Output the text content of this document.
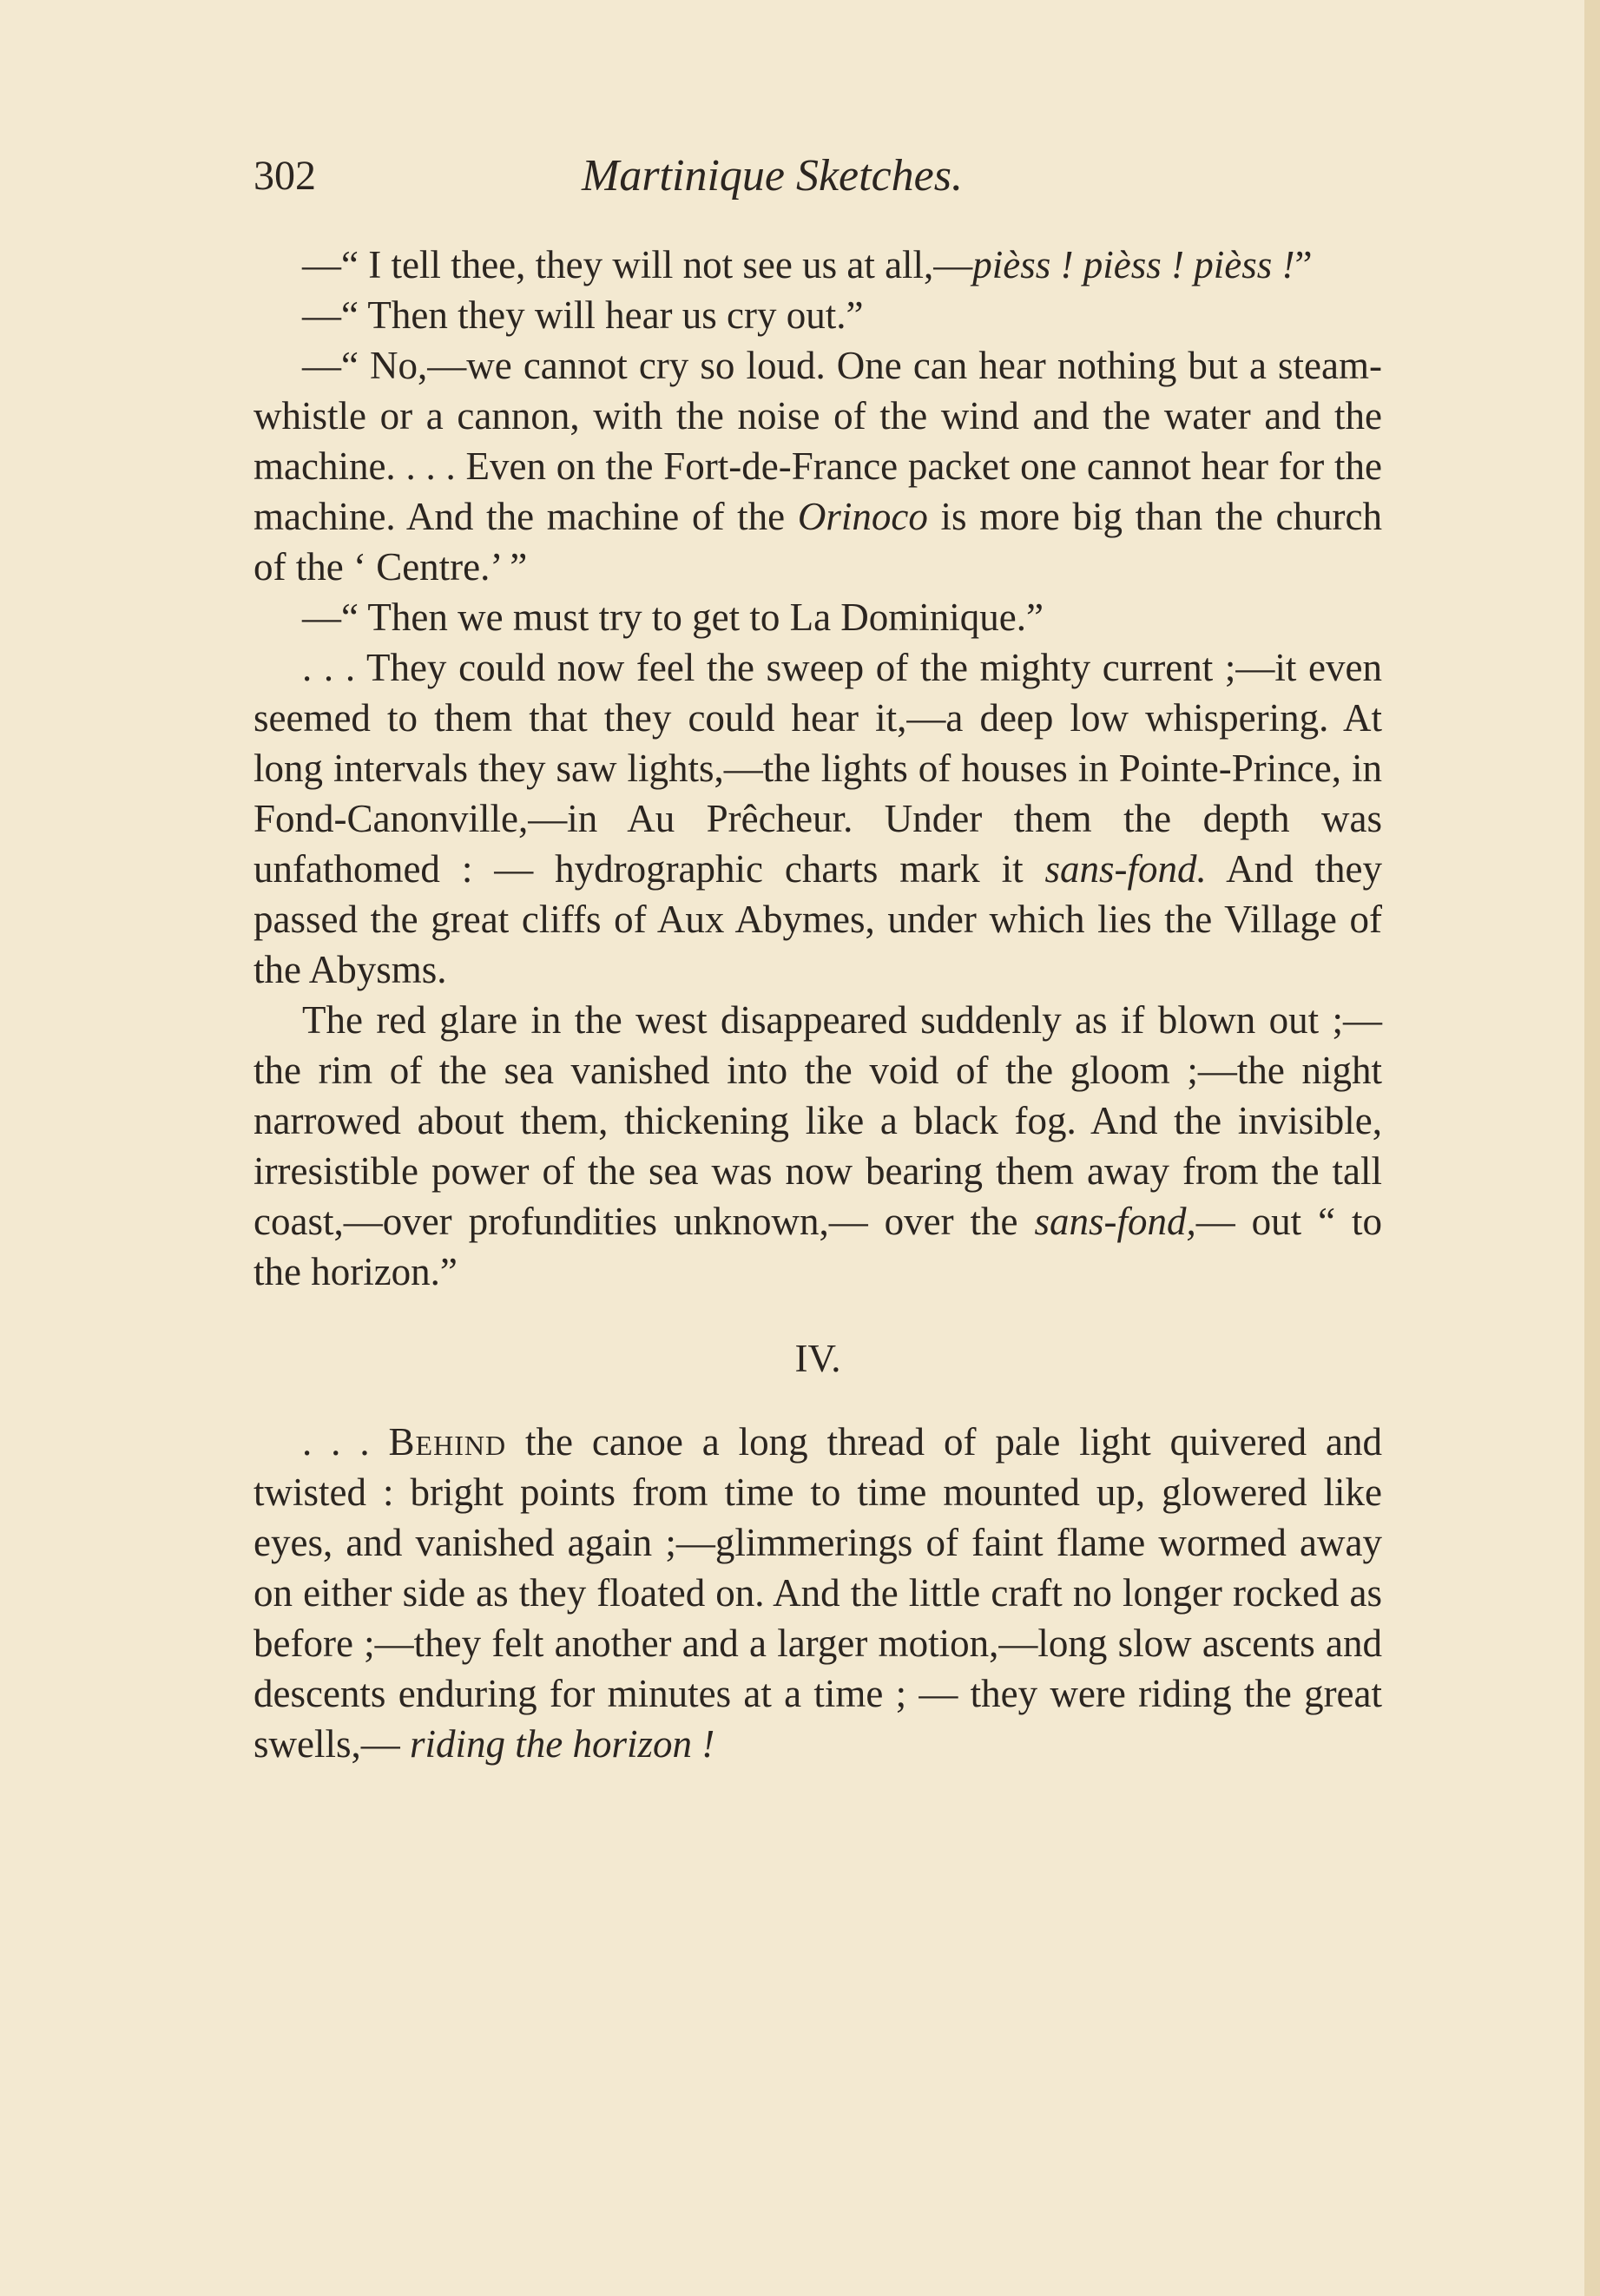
302	Martinique Sketches.

—“ I tell thee, they will not see us at all,—pièss ! pièss ! pièss !”

—“ Then they will hear us cry out.”

—“ No,—we cannot cry so loud. One can hear nothing but a steam-whistle or a cannon, with the noise of the wind and the water and the machine. . . . Even on the Fort-de-France packet one cannot hear for the machine. And the machine of the Orinoco is more big than the church of the ‘ Centre.’ ”

—“ Then we must try to get to La Dominique.”

. . . They could now feel the sweep of the mighty current ;—it even seemed to them that they could hear it,—a deep low whispering. At long intervals they saw lights,—the lights of houses in Pointe-Prince, in Fond-Canonville,—in Au Prêcheur. Under them the depth was unfathomed : — hydrographic charts mark it sans-fond. And they passed the great cliffs of Aux Abymes, under which lies the Village of the Abysms.

The red glare in the west disappeared suddenly as if blown out ;—the rim of the sea vanished into the void of the gloom ;—the night narrowed about them, thickening like a black fog. And the invisible, irresistible power of the sea was now bearing them away from the tall coast,—over profundities unknown,— over the sans-fond,— out “ to the horizon.”

IV.

. . . Behind the canoe a long thread of pale light quivered and twisted : bright points from time to time mounted up, glowered like eyes, and vanished again ;—glimmerings of faint flame wormed away on either side as they floated on. And the little craft no longer rocked as before ;—they felt another and a larger motion,—long slow ascents and descents enduring for minutes at a time ; — they were riding the great swells,— riding the horizon !
